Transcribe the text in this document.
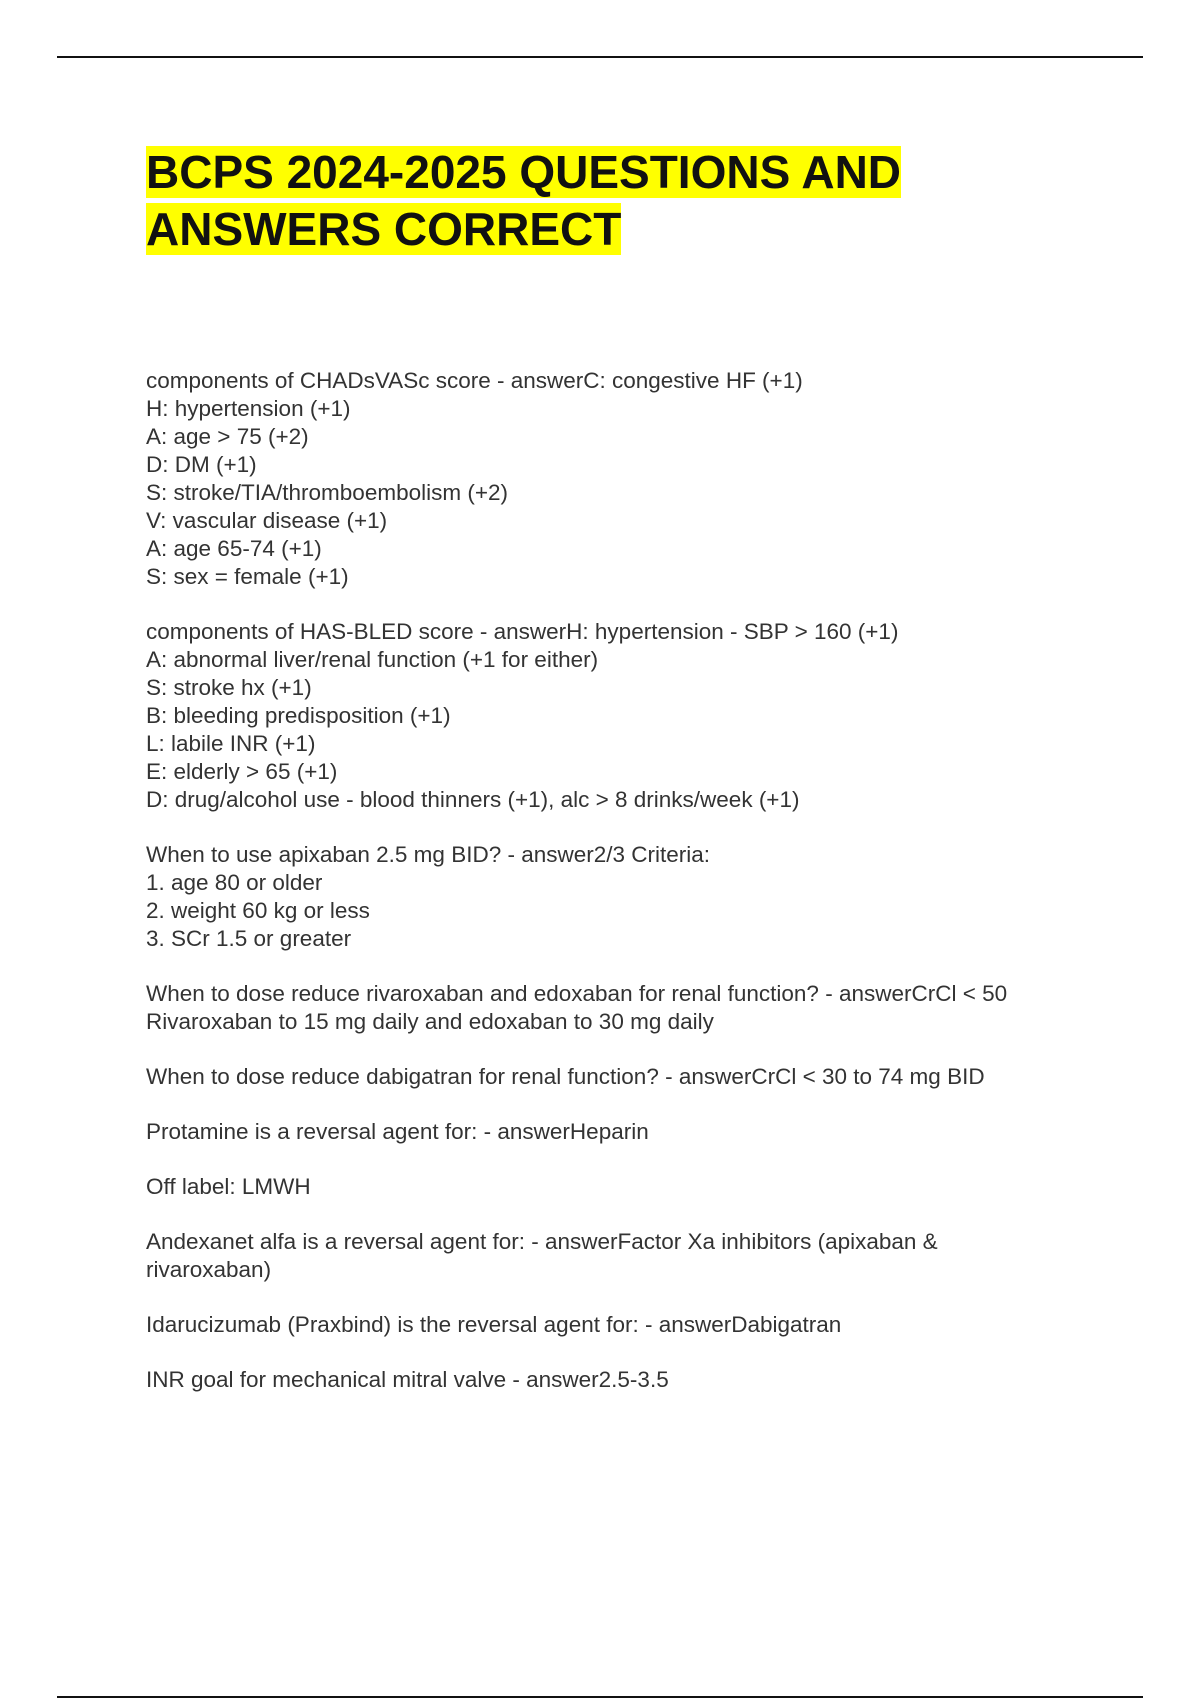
BCPS 2024-2025 QUESTIONS AND
ANSWERS CORRECT
components of CHADsVASc score - answerC: congestive HF (+1)
H: hypertension (+1)
A: age > 75 (+2)
D: DM (+1)
S: stroke/TIA/thromboembolism (+2)
V: vascular disease (+1)
A: age 65-74 (+1)
S: sex = female (+1)
components of HAS-BLED score - answerH: hypertension - SBP > 160 (+1)
A: abnormal liver/renal function (+1 for either)
S: stroke hx (+1)
B: bleeding predisposition (+1)
L: labile INR (+1)
E: elderly > 65 (+1)
D: drug/alcohol use - blood thinners (+1), alc > 8 drinks/week (+1)
When to use apixaban 2.5 mg BID? - answer2/3 Criteria:
1. age 80 or older
2. weight 60 kg or less
3. SCr 1.5 or greater
When to dose reduce rivaroxaban and edoxaban for renal function? - answerCrCl < 50
Rivaroxaban to 15 mg daily and edoxaban to 30 mg daily
When to dose reduce dabigatran for renal function? - answerCrCl < 30 to 74 mg BID
Protamine is a reversal agent for: - answerHeparin
Off label: LMWH
Andexanet alfa is a reversal agent for: - answerFactor Xa inhibitors (apixaban &
rivaroxaban)
Idarucizumab (Praxbind) is the reversal agent for: - answerDabigatran
INR goal for mechanical mitral valve - answer2.5-3.5
